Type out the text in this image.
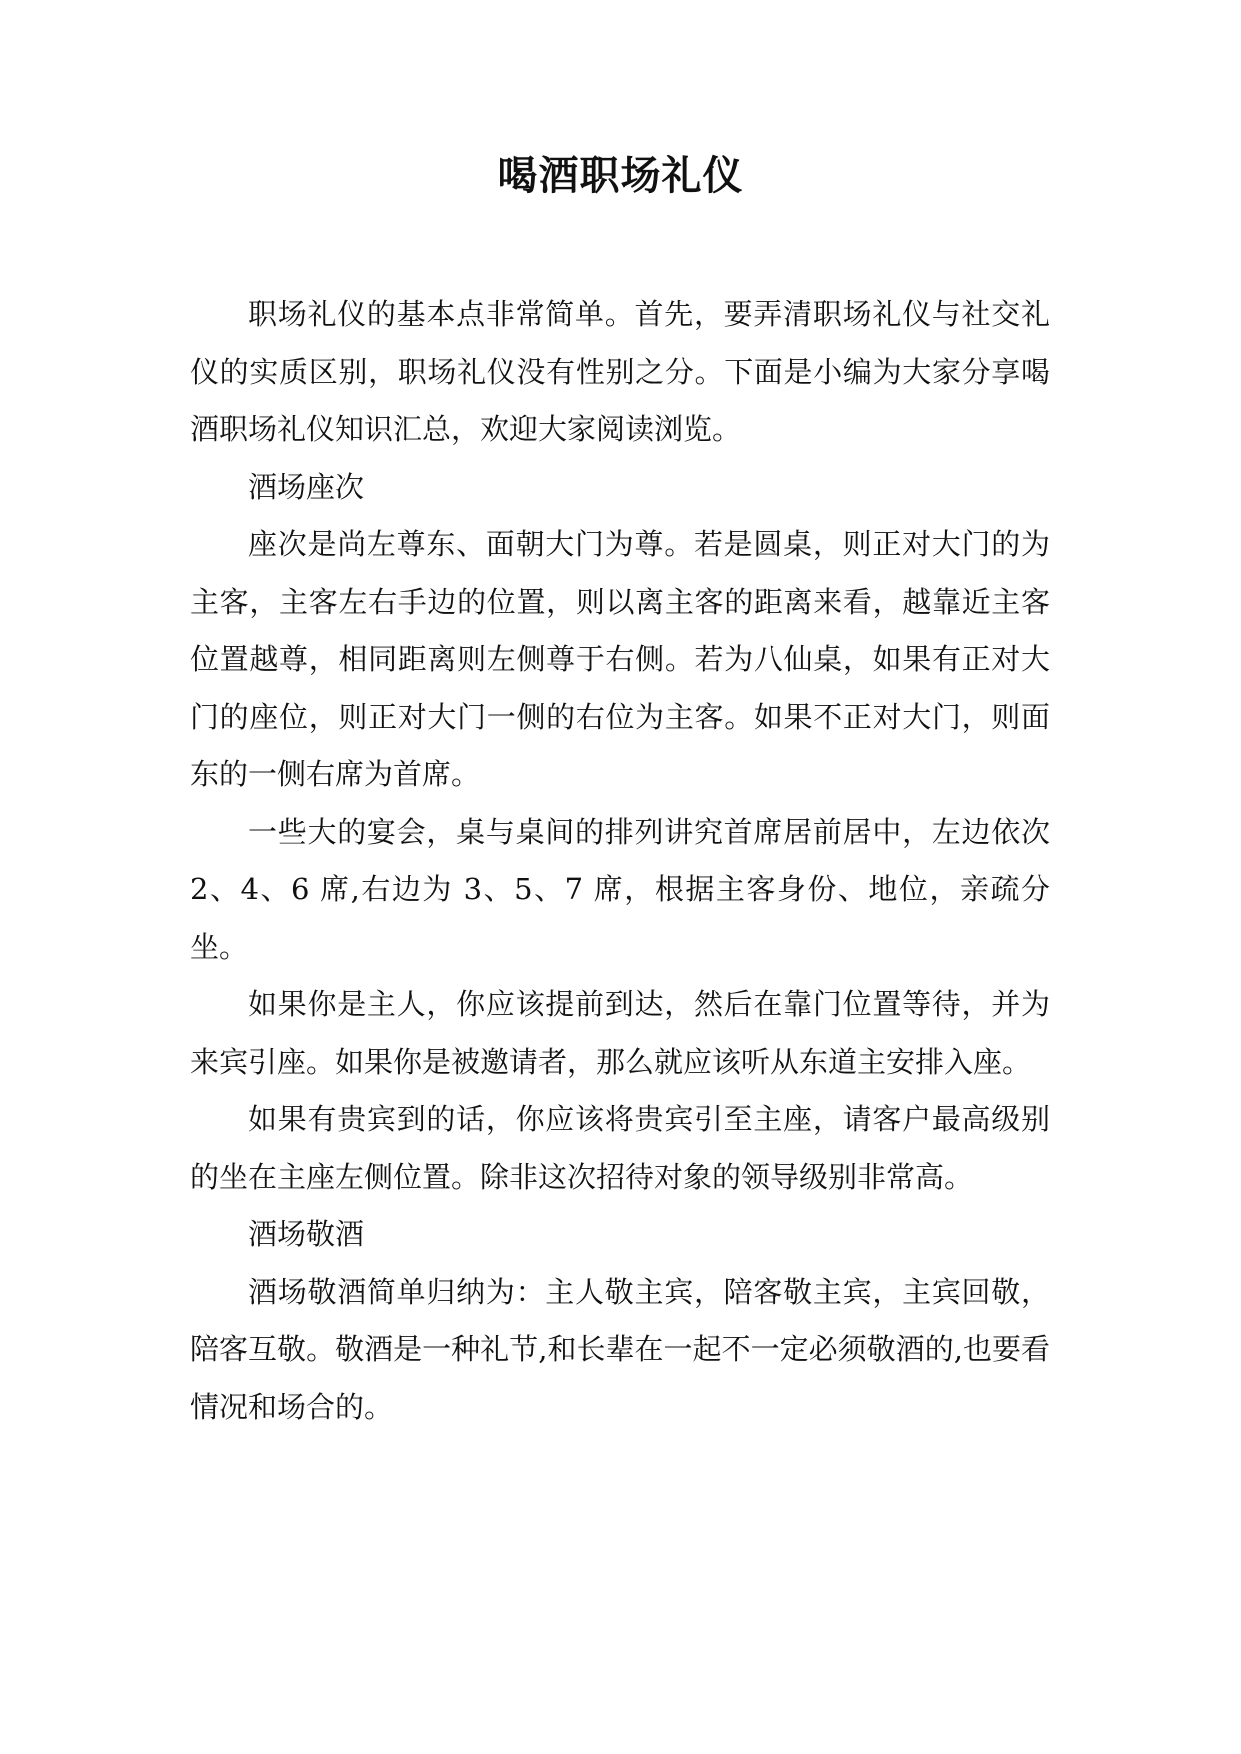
喝酒职场礼仪

职场礼仪的基本点非常简单。首先，要弄清职场礼仪与社交礼仪的实质区别，职场礼仪没有性别之分。下面是小编为大家分享喝酒职场礼仪知识汇总，欢迎大家阅读浏览。

酒场座次

座次是尚左尊东、面朝大门为尊。若是圆桌，则正对大门的为主客，主客左右手边的位置，则以离主客的距离来看，越靠近主客位置越尊，相同距离则左侧尊于右侧。若为八仙桌，如果有正对大门的座位，则正对大门一侧的右位为主客。如果不正对大门，则面东的一侧右席为首席。

一些大的宴会，桌与桌间的排列讲究首席居前居中，左边依次 2、4、6 席,右边为 3、5、7 席，根据主客身份、地位，亲疏分坐。

如果你是主人，你应该提前到达，然后在靠门位置等待，并为来宾引座。如果你是被邀请者，那么就应该听从东道主安排入座。

如果有贵宾到的话，你应该将贵宾引至主座，请客户最高级别的坐在主座左侧位置。除非这次招待对象的领导级别非常高。

酒场敬酒

酒场敬酒简单归纳为：主人敬主宾，陪客敬主宾，主宾回敬，陪客互敬。敬酒是一种礼节,和长辈在一起不一定必须敬酒的,也要看情况和场合的。
